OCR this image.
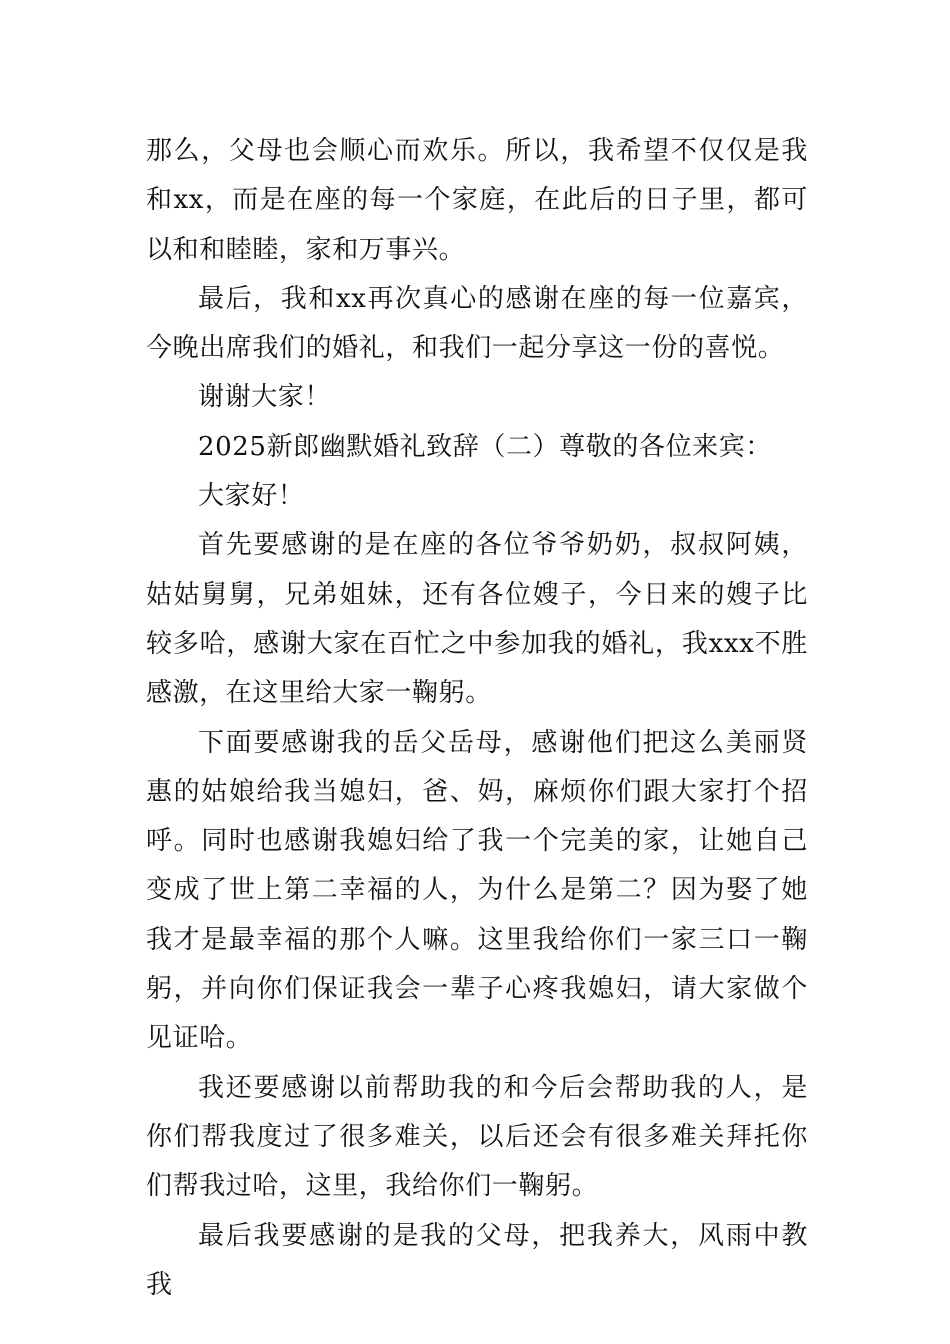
那么，父母也会顺心而欢乐。所以，我希望不仅仅是我和xx，而是在座的每一个家庭，在此后的日子里，都可以和和睦睦，家和万事兴。

最后，我和xx再次真心的感谢在座的每一位嘉宾，今晚出席我们的婚礼，和我们一起分享这一份的喜悦。

谢谢大家！

2025新郎幽默婚礼致辞（二）尊敬的各位来宾：

大家好！

首先要感谢的是在座的各位爷爷奶奶，叔叔阿姨，姑姑舅舅，兄弟姐妹，还有各位嫂子，今日来的嫂子比较多哈，感谢大家在百忙之中参加我的婚礼，我xxx不胜感激，在这里给大家一鞠躬。

下面要感谢我的岳父岳母，感谢他们把这么美丽贤惠的姑娘给我当媳妇，爸、妈，麻烦你们跟大家打个招呼。同时也感谢我媳妇给了我一个完美的家，让她自己变成了世上第二幸福的人，为什么是第二？因为娶了她我才是最幸福的那个人嘛。这里我给你们一家三口一鞠躬，并向你们保证我会一辈子心疼我媳妇，请大家做个见证哈。

我还要感谢以前帮助我的和今后会帮助我的人，是你们帮我度过了很多难关，以后还会有很多难关拜托你们帮我过哈，这里，我给你们一鞠躬。

最后我要感谢的是我的父母，把我养大，风雨中教我
